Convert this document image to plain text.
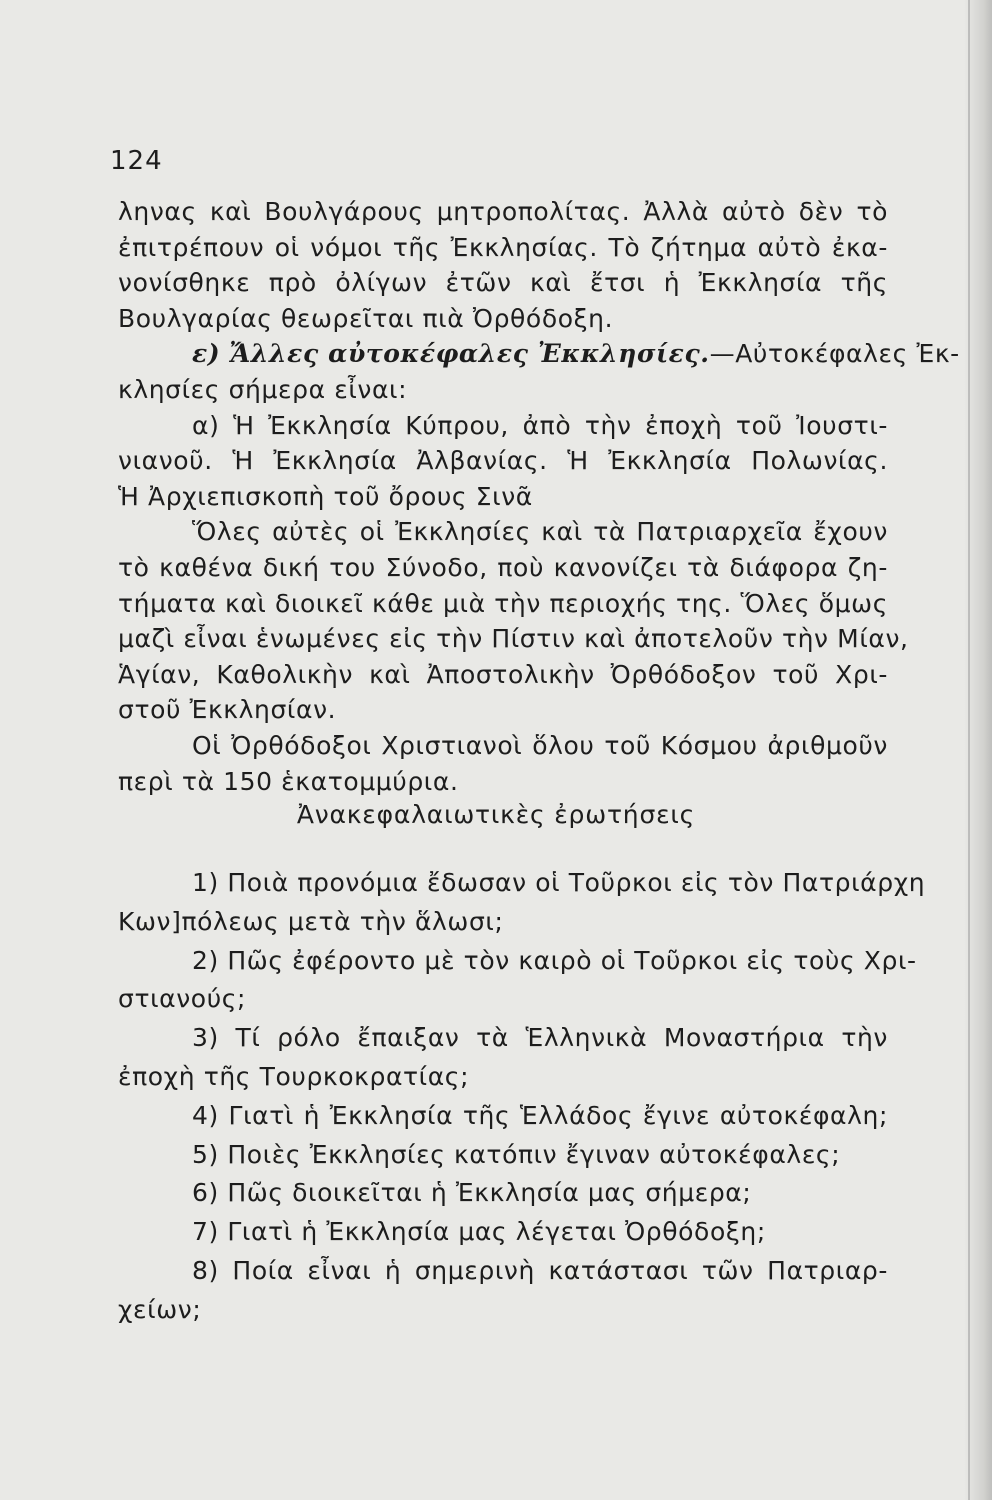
124
ληνας καὶ Βουλγάρους μητροπολίτας. Ἀλλὰ αὐτὸ δὲν τὸ
ἐπιτρέπουν οἱ νόμοι τῆς Ἐκκλησίας. Τὸ ζήτημα αὐτὸ ἐκα-
νονίσθηκε πρὸ ὀλίγων ἐτῶν καὶ ἔτσι ἡ Ἐκκλησία τῆς
Βουλγαρίας θεωρεῖται πιὰ Ὀρθόδοξη.
ε) Ἄλλες αὐτοκέφαλες Ἐκκλησίες.—Αὐτοκέφαλες Ἐκ-
κλησίες σήμερα εἶναι:
α) Ἡ Ἐκκλησία Κύπρου, ἀπὸ τὴν ἐποχὴ τοῦ Ἰουστι-
νιανοῦ. Ἡ Ἐκκλησία Ἀλβανίας. Ἡ Ἐκκλησία Πολωνίας.
Ἡ Ἀρχιεπισκοπὴ τοῦ ὄρους Σινᾶ
Ὅλες αὐτὲς οἱ Ἐκκλησίες καὶ τὰ Πατριαρχεῖα ἔχουν
τὸ καθένα δική του Σύνοδο, ποὺ κανονίζει τὰ διάφορα ζη-
τήματα καὶ διοικεῖ κάθε μιὰ τὴν περιοχής της. Ὅλες ὅμως
μαζὶ εἶναι ἑνωμένες εἰς τὴν Πίστιν καὶ ἀποτελοῦν τὴν Μίαν,
Ἁγίαν, Καθολικὴν καὶ Ἀποστολικὴν Ὀρθόδοξον τοῦ Χρι-
στοῦ Ἐκκλησίαν.
Οἱ Ὀρθόδοξοι Χριστιανοὶ ὅλου τοῦ Κόσμου ἀριθμοῦν
περὶ τὰ 150 ἑκατομμύρια.
Ἀνακεφαλαιωτικὲς ἐρωτήσεις
1) Ποιὰ προνόμια ἔδωσαν οἱ Τοῦρκοι εἰς τὸν Πατριάρχη
Κων]πόλεως μετὰ τὴν ἅλωσι;
2) Πῶς ἐφέροντο μὲ τὸν καιρὸ οἱ Τοῦρκοι εἰς τοὺς Χρι-
στιανούς;
3) Τί ρόλο ἔπαιξαν τὰ Ἑλληνικὰ Μοναστήρια τὴν
ἐποχὴ τῆς Τουρκοκρατίας;
4) Γιατὶ ἡ Ἐκκλησία τῆς Ἑλλάδος ἔγινε αὐτοκέφαλη;
5) Ποιὲς Ἐκκλησίες κατόπιν ἔγιναν αὐτοκέφαλες;
6) Πῶς διοικεῖται ἡ Ἐκκλησία μας σήμερα;
7) Γιατὶ ἡ Ἐκκλησία μας λέγεται Ὀρθόδοξη;
8) Ποία εἶναι ἡ σημερινὴ κατάστασι τῶν Πατριαρ-
χείων;
